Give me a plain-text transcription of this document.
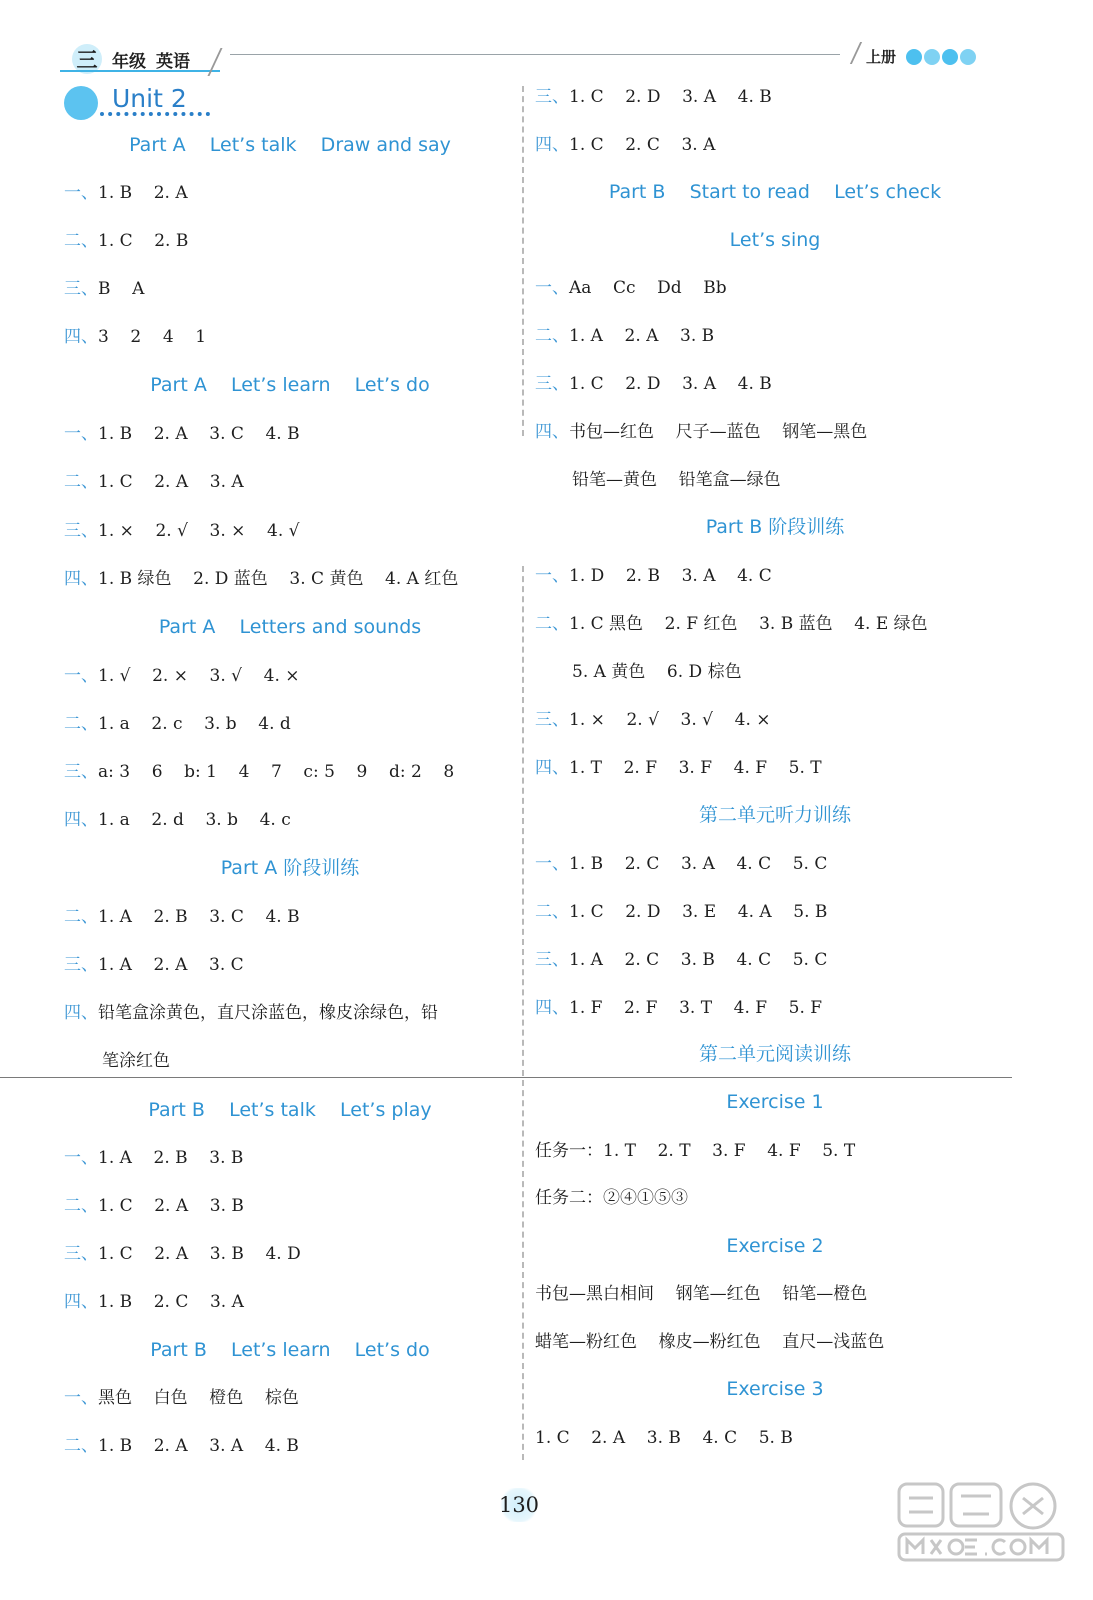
三 年级 英语	上册
Unit 2
Part A    Let’s talk    Draw and say
一、1. B    2. A
二、1. C    2. B
三、B    A
四、3    2    4    1
Part A    Let’s learn    Let’s do
一、1. B    2. A    3. C    4. B
二、1. C    2. A    3. A
三、1. ×    2. √    3. ×    4. √
四、1. B 绿色    2. D 蓝色    3. C 黄色    4. A 红色
Part A    Letters and sounds
一、1. √    2. ×    3. √    4. ×
二、1. a    2. c    3. b    4. d
三、a: 3    6    b: 1    4    7    c: 5    9    d: 2    8
四、1. a    2. d    3. b    4. c
Part A 阶段训练
二、1. A    2. B    3. C    4. B
三、1. A    2. A    3. C
四、铅笔盒涂黄色，直尺涂蓝色，橡皮涂绿色，铅
笔涂红色
Part B    Let’s talk    Let’s play
一、1. A    2. B    3. B
二、1. C    2. A    3. B
三、1. C    2. A    3. B    4. D
四、1. B    2. C    3. A
Part B    Let’s learn    Let’s do
一、黑色    白色    橙色    棕色
二、1. B    2. A    3. A    4. B
三、1. C    2. D    3. A    4. B
四、1. C    2. C    3. A
Part B    Start to read    Let’s check
Let’s sing
一、Aa    Cc    Dd    Bb
二、1. A    2. A    3. B
三、1. C    2. D    3. A    4. B
四、书包—红色    尺子—蓝色    钢笔—黑色
铅笔—黄色    铅笔盒—绿色
Part B 阶段训练
一、1. D    2. B    3. A    4. C
二、1. C 黑色    2. F 红色    3. B 蓝色    4. E 绿色
5. A 黄色    6. D 棕色
三、1. ×    2. √    3. √    4. ×
四、1. T    2. F    3. F    4. F    5. T
第二单元听力训练
一、1. B    2. C    3. A    4. C    5. C
二、1. C    2. D    3. E    4. A    5. B
三、1. A    2. C    3. B    4. C    5. C
四、1. F    2. F    3. T    4. F    5. F
第二单元阅读训练
Exercise 1
任务一：1. T    2. T    3. F    4. F    5. T
任务二：②④①⑤③
Exercise 2
书包—黑白相间    钢笔—红色    铅笔—橙色
蜡笔—粉红色    橡皮—粉红色    直尺—浅蓝色
Exercise 3
1. C    2. A    3. B    4. C    5. B
130
